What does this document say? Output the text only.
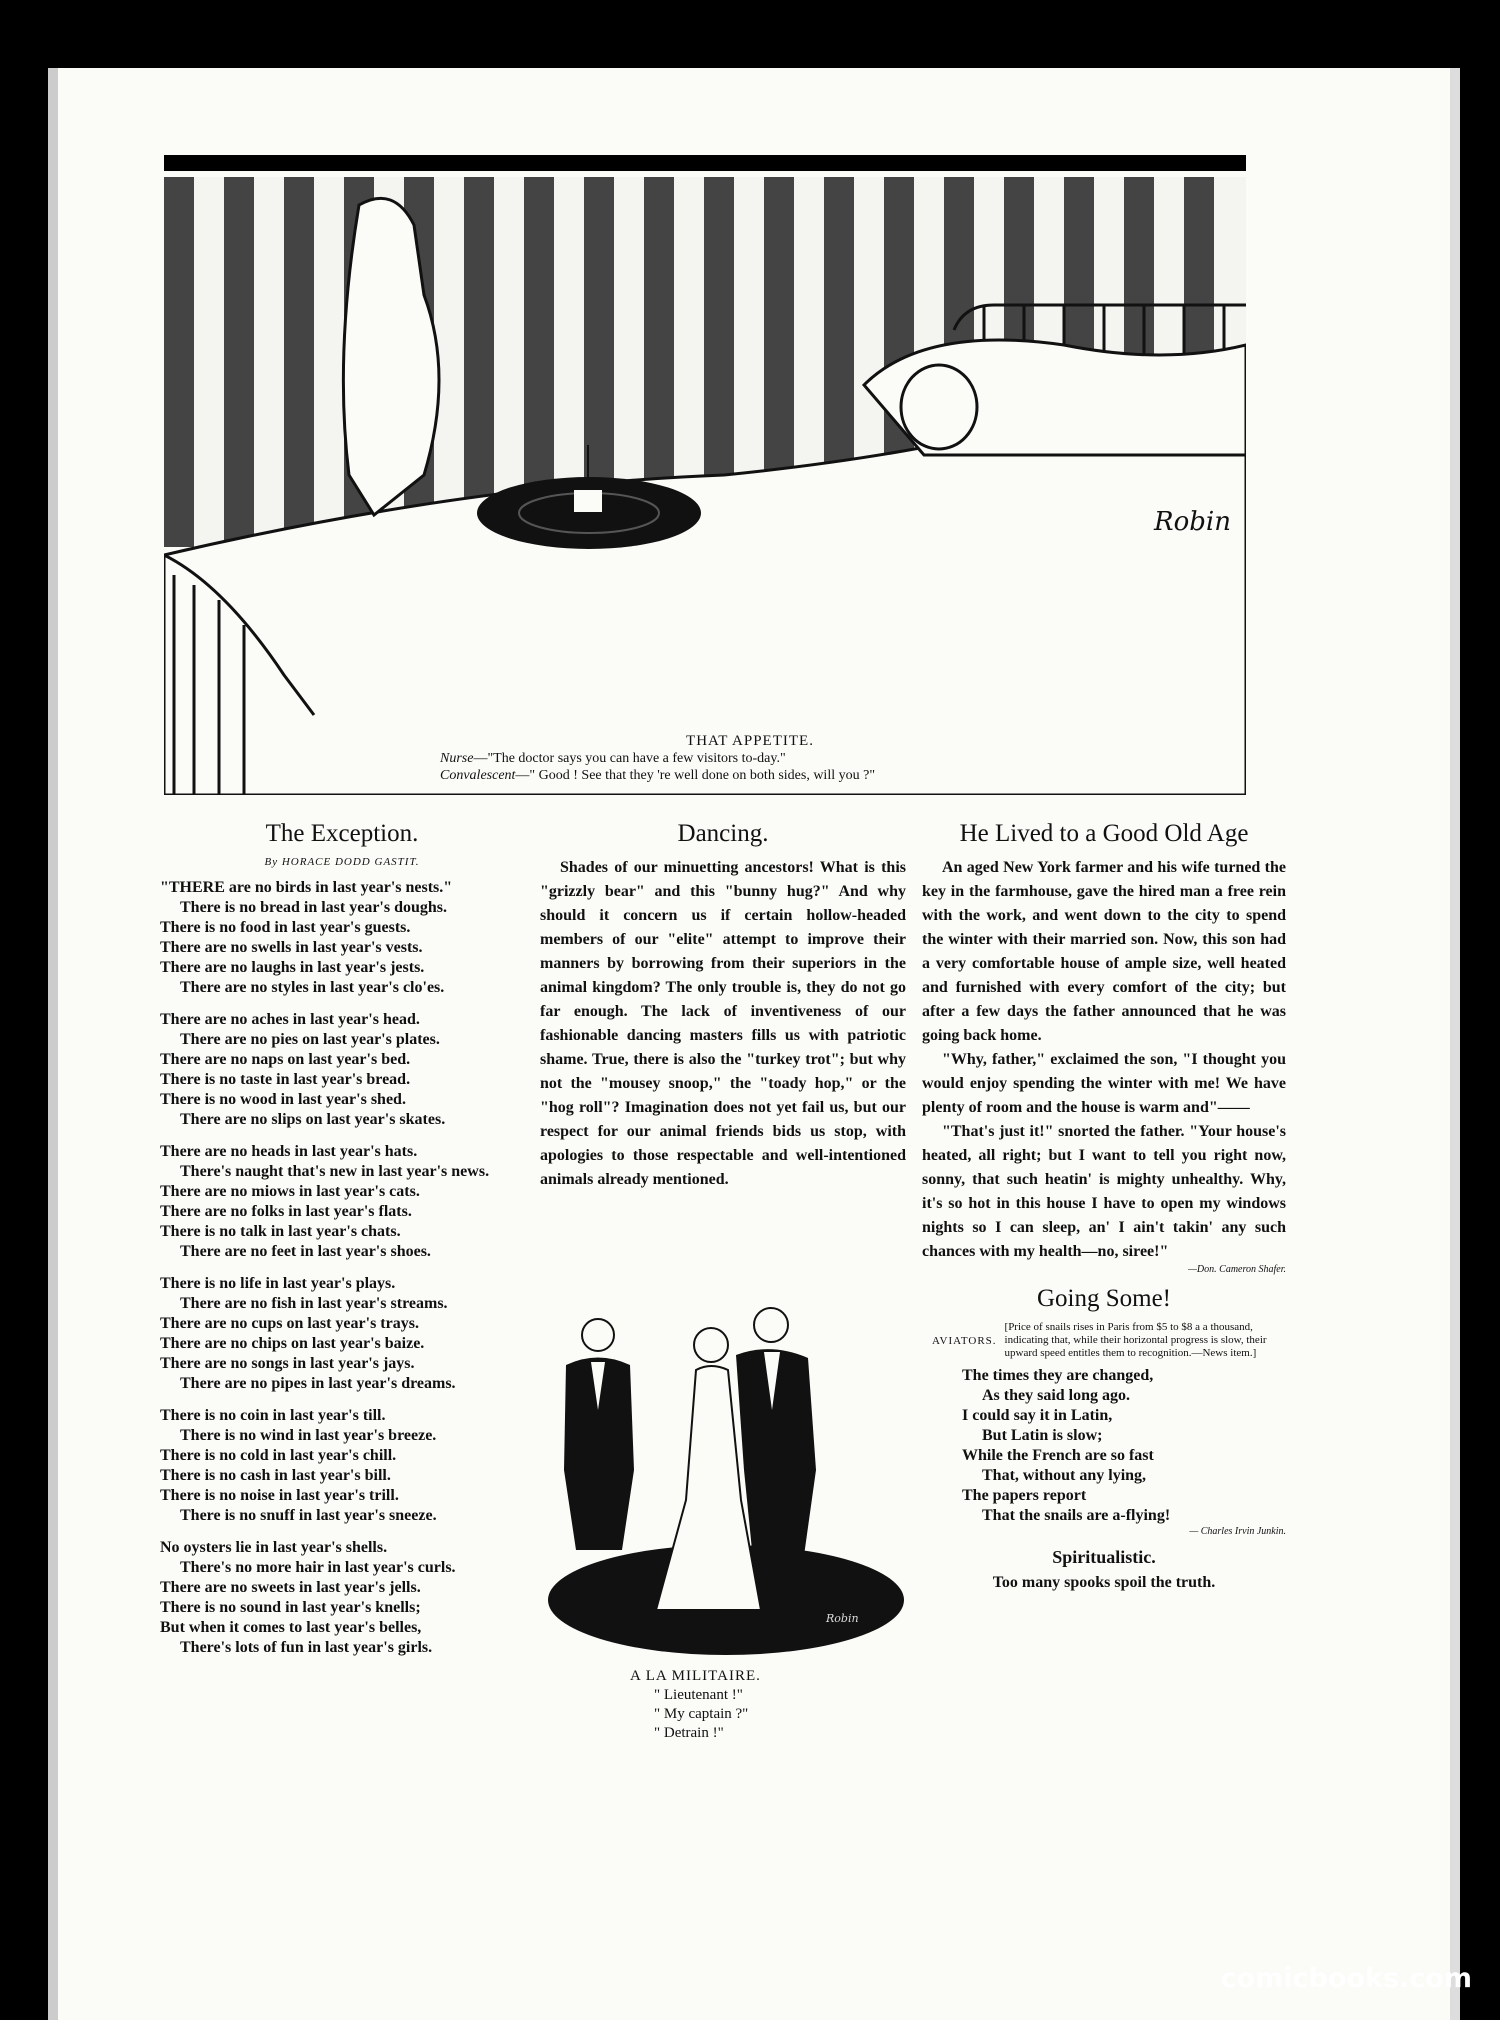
Robin
THAT APPETITE.
Nurse—"The doctor says you can have a few visitors to-day."
Convalescent—" Good ! See that they 're well done on both sides, will you ?"
The Exception.
By HORACE DODD GASTIT.

"THERE are no birds in last year's nests."

There is no bread in last year's doughs.

There is no food in last year's guests.

There are no swells in last year's vests.

There are no laughs in last year's jests.

There are no styles in last year's clo'es.

There are no aches in last year's head.

There are no pies on last year's plates.

There are no naps on last year's bed.

There is no taste in last year's bread.

There is no wood in last year's shed.

There are no slips on last year's skates.

There are no heads in last year's hats.

There's naught that's new in last year's news.

There are no miows in last year's cats.

There are no folks in last year's flats.

There is no talk in last year's chats.

There are no feet in last year's shoes.

There is no life in last year's plays.

There are no fish in last year's streams.

There are no cups on last year's trays.

There are no chips on last year's baize.

There are no songs in last year's jays.

There are no pipes in last year's dreams.

There is no coin in last year's till.

There is no wind in last year's breeze.

There is no cold in last year's chill.

There is no cash in last year's bill.

There is no noise in last year's trill.

There is no snuff in last year's sneeze.

No oysters lie in last year's shells.

There's no more hair in last year's curls.

There are no sweets in last year's jells.

There is no sound in last year's knells;

But when it comes to last year's belles,

There's lots of fun in last year's girls.

Dancing.

Shades of our minuetting ancestors! What is this "grizzly bear" and this "bunny hug?" And why should it concern us if certain hollow-headed members of our "elite" attempt to improve their manners by borrowing from their superiors in the animal kingdom? The only trouble is, they do not go far enough. The lack of inventiveness of our fashionable dancing masters fills us with patriotic shame. True, there is also the "turkey trot"; but why not the "mousey snoop," the "toady hop," or the "hog roll"? Imagination does not yet fail us, but our respect for our animal friends bids us stop, with apologies to those respectable and well-intentioned animals already mentioned.

Robin
A LA MILITAIRE.
" Lieutenant !"
" My captain ?"
" Detrain !"
He Lived to a Good Old Age

An aged New York farmer and his wife turned the key in the farmhouse, gave the hired man a free rein with the work, and went down to the city to spend the winter with their married son. Now, this son had a very comfortable house of ample size, well heated and furnished with every comfort of the city; but after a few days the father announced that he was going back home.

"Why, father," exclaimed the son, "I thought you would enjoy spending the winter with me! We have plenty of room and the house is warm and"——

"That's just it!" snorted the father. "Your house's heated, all right; but I want to tell you right now, sonny, that such heatin' is mighty unhealthy. Why, it's so hot in this house I have to open my windows nights so I can sleep, an' I ain't takin' any such chances with my health—no, siree!"

—Don. Cameron Shafer.
Going Some!
AVIATORS.
[Price of snails rises in Paris from $5 to $8 a a thousand, indicating that, while their horizontal progress is slow, their upward speed entitles them to recognition.—News item.]

The times they are changed,

As they said long ago.

I could say it in Latin,

But Latin is slow;

While the French are so fast

That, without any lying,

The papers report

That the snails are a-flying!

— Charles Irvin Junkin.
Spiritualistic.
Too many spooks spoil the truth.
comicbooks.com
